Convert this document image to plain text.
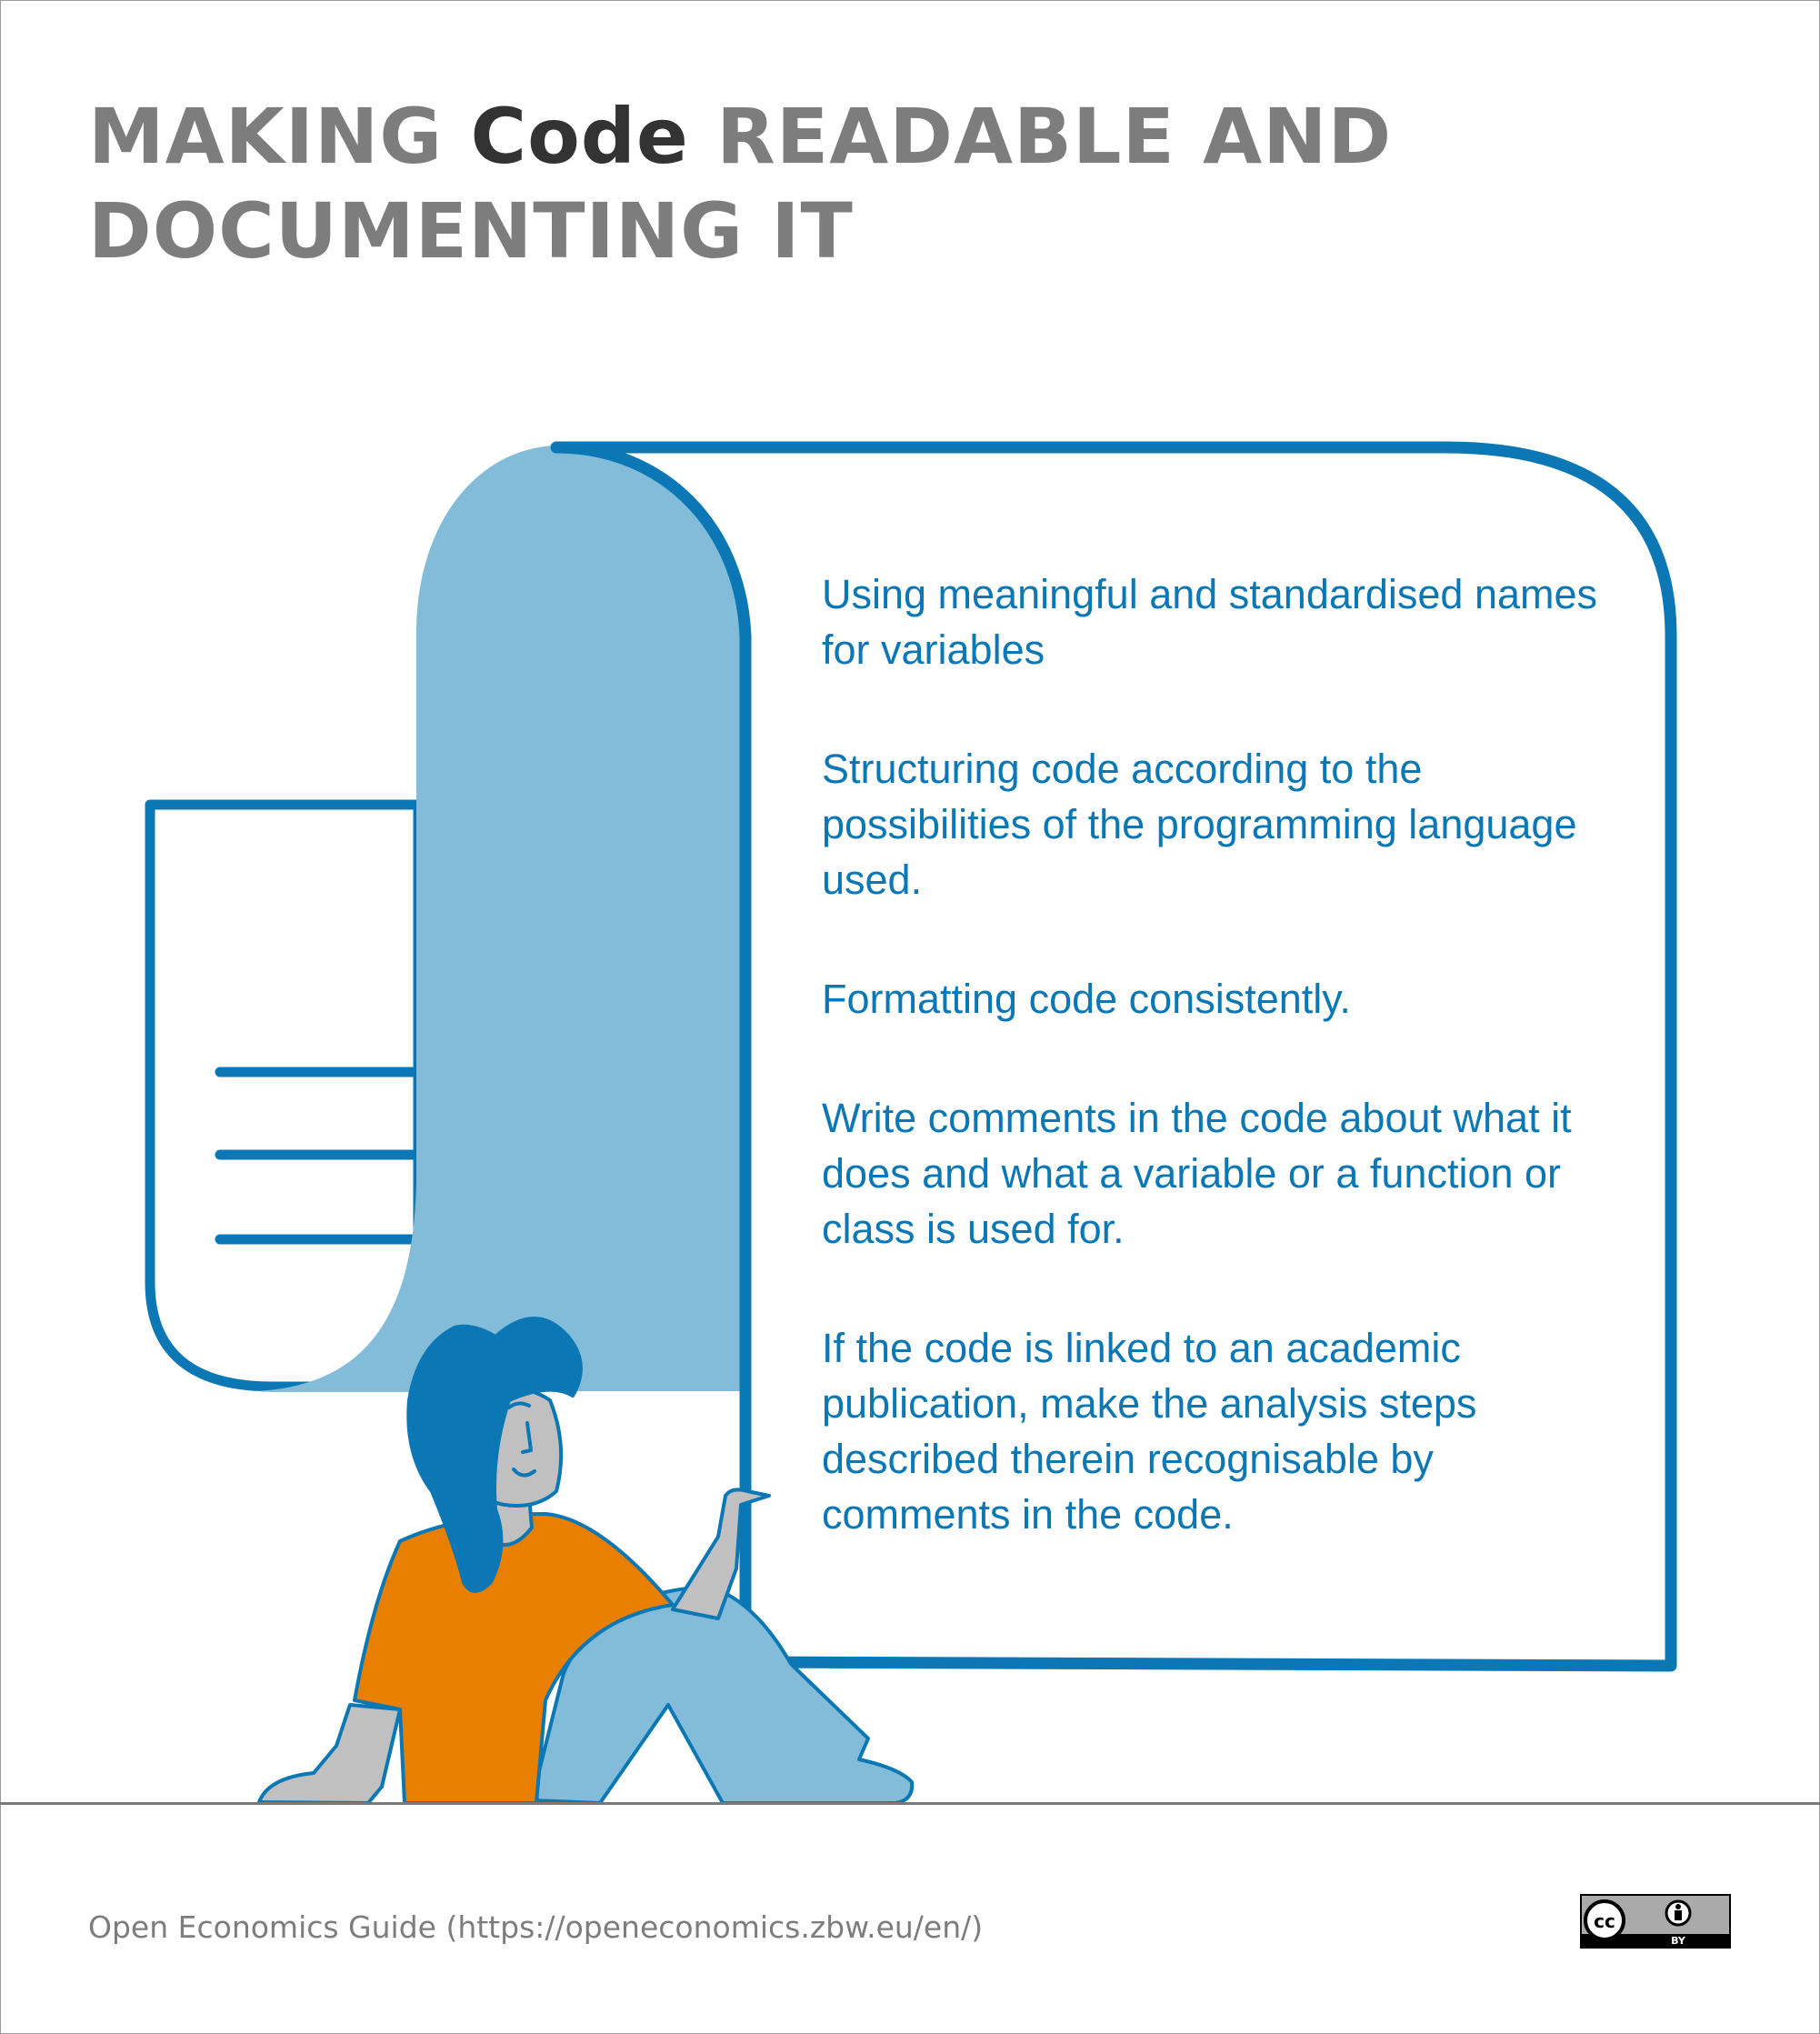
MAKING Code READABLE AND DOCUMENTING IT
Using meaningful and standardised names for variables
Structuring code according to the possibilities of the programming language used.
Formatting code consistently.
Write comments in the code about what it does and what a variable or a function or class is used for.
If the code is linked to an academic publication, make the analysis steps described therein recognisable by comments in the code.
Open Economics Guide (https://openeconomics.zbw.eu/en/)	cc
BY
